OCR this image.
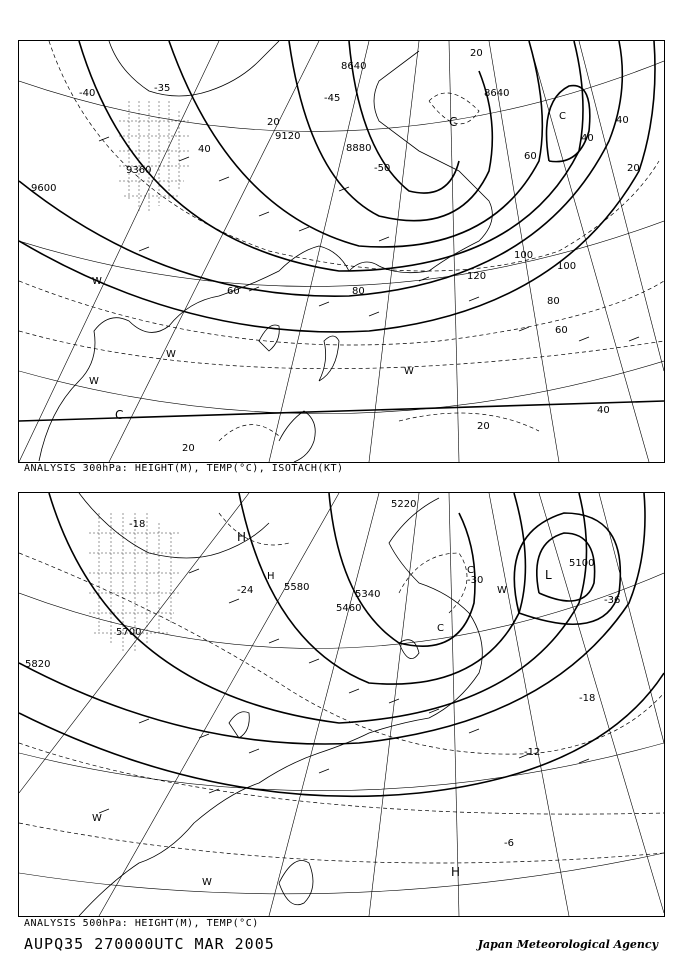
9600
9120
8880
8640
8640
9360
20
40
60	80
100
120
100
80
60
40
20
20
20
40
20
40
60
-40
-50
-35
-45
C
C
W
W
W
W
C
ANALYSIS 300hPa: HEIGHT(M), TEMP(°C), ISOTACH(KT)
5220
5580
5460
5340
5100
5700
5820
-18
-24
-30
-36
-18
-12
-6
H
H
L
C
C
W
W
W
H
ANALYSIS 500hPa: HEIGHT(M), TEMP(°C)
AUPQ35 270000UTC MAR 2005	Japan Meteorological Agency
